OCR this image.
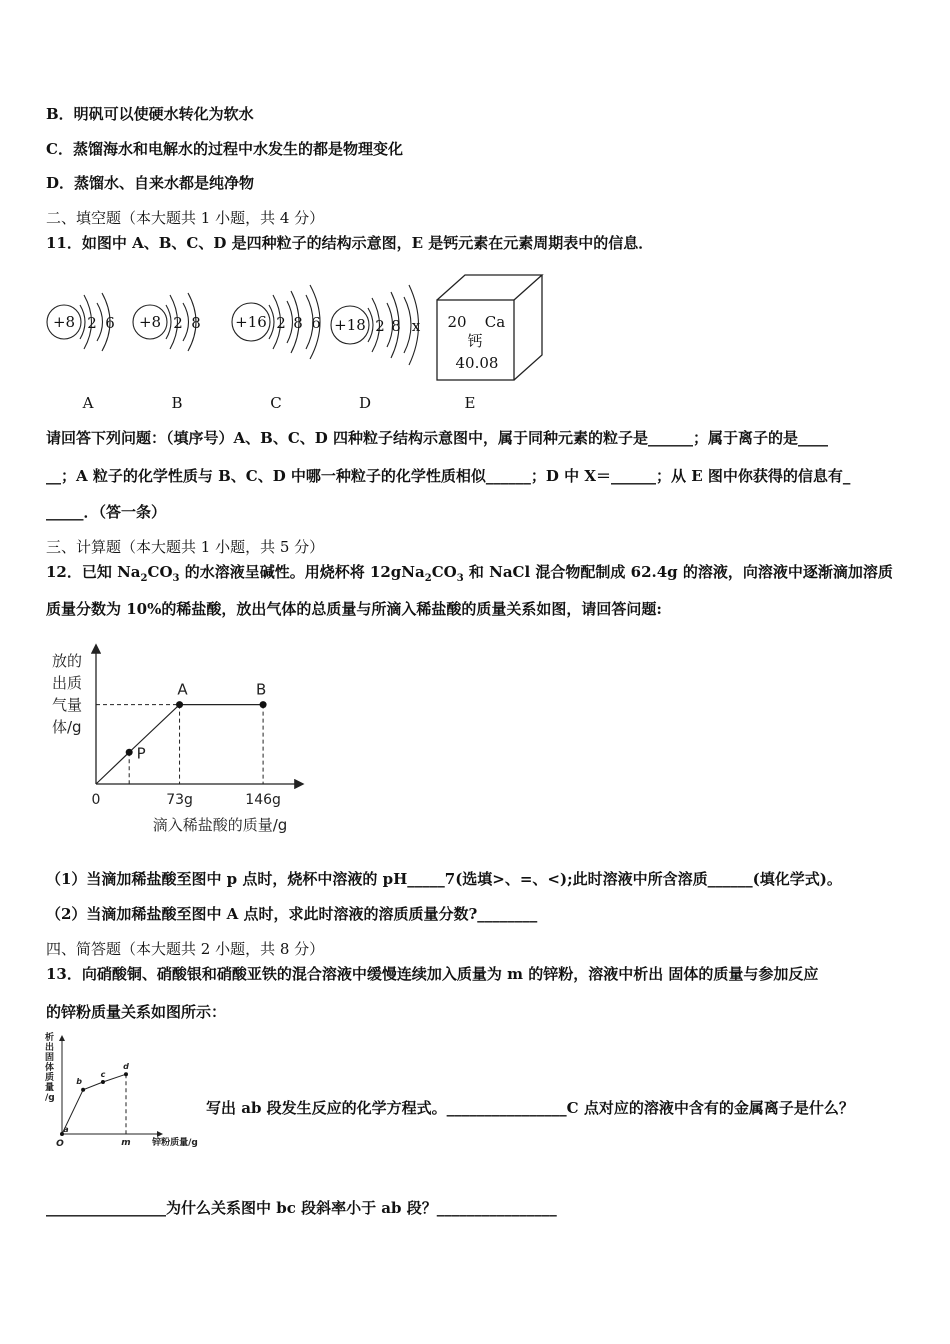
B．明矾可以使硬水转化为软水
C．蒸馏海水和电解水的过程中水发生的都是物理变化
D．蒸馏水、自来水都是纯净物
二、填空题（本大题共 1 小题，共 4 分）
11．如图中 A、B、C、D 是四种粒子的结构示意图，E 是钙元素在元素周期表中的信息．
+8 2 6
A
+8 2 8
B
+16 2 8 6
C
+18 2 8 x
D
20 Ca
钙
40.08
E
请回答下列问题：（填序号）A、B、C、D 四种粒子结构示意图中，属于同种元素的粒子是______；属于离子的是____
__；A 粒子的化学性质与 B、C、D 中哪一种粒子的化学性质相似______；D 中 X＝______；从 E 图中你获得的信息有_
_____．（答一条）
三、计算题（本大题共 1 小题，共 5 分）
12．已知 $Na_2CO_3$ 的水溶液呈碱性。用烧杯将 $12gNa_2CO_3$ 和 NaCl 混合物配制成 62.4g 的溶液，向溶液中逐渐滴加溶质
质量分数为 10%的稀盐酸，放出气体的总质量与所滴入稀盐酸的质量关系如图，请回答问题:
放的
出质
气量
体/g
P
A	B
0	73g	146g
滴入稀盐酸的质量/g
（1）当滴加稀盐酸至图中 p 点时，烧杯中溶液的 pH_____7(选填>、=、<);此时溶液中所含溶质______(填化学式)。
（2）当滴加稀盐酸至图中 A 点时，求此时溶液的溶质质量分数?________
四、简答题（本大题共 2 小题，共 8 分）
13．向硝酸铜、硝酸银和硝酸亚铁的混合溶液中缓慢连续加入质量为 m 的锌粉，溶液中析出 固体的质量与参加反应
的锌粉质量关系如图所示：
析
出
固
体
质
量
/g
a
b
c
d
O	m 锌粉质量/g
写出 ab 段发生反应的化学方程式。________________C 点对应的溶液中含有的金属离子是什么？
________________为什么关系图中 bc 段斜率小于 ab 段？________________
